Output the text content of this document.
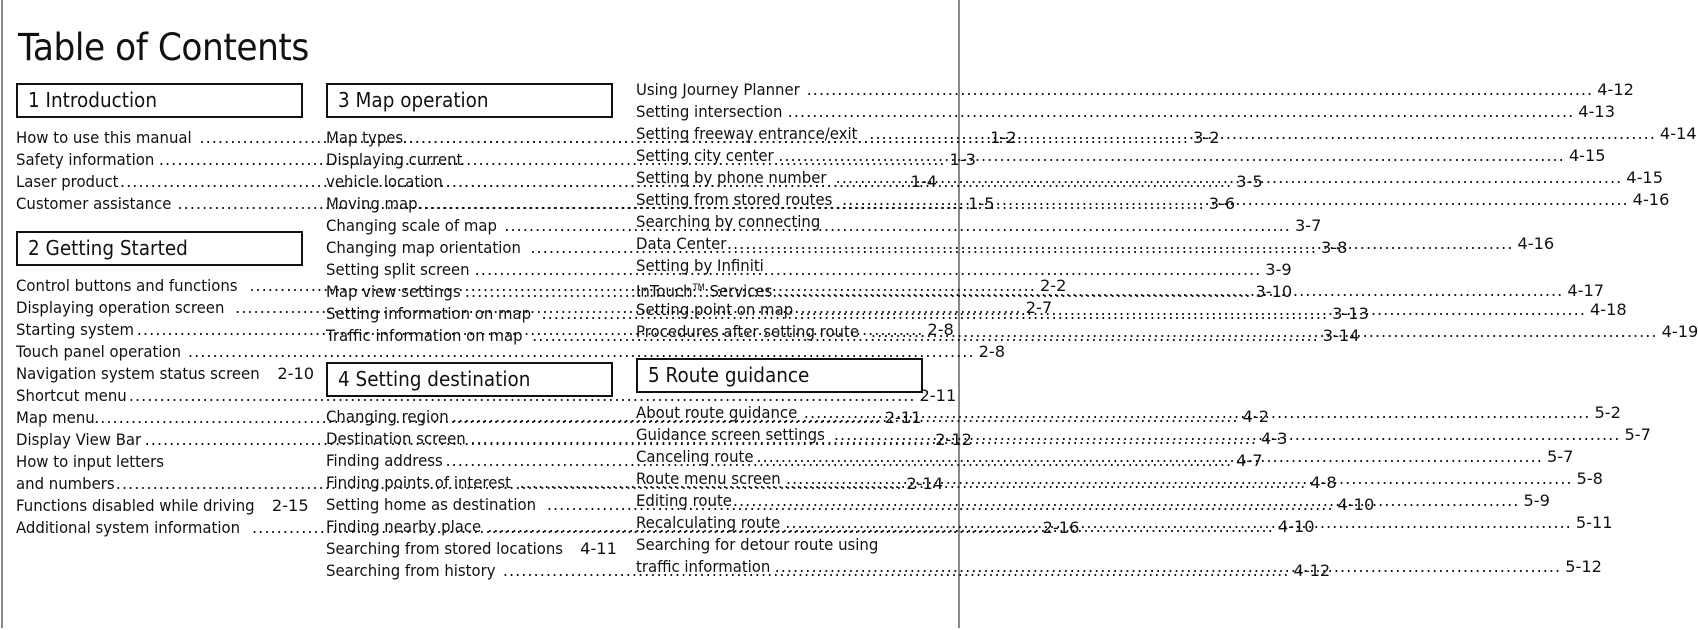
Table of Contents
1 Introduction
How to use this manual .....	1-2
Safety information .....	1-3
Laser product .....	1-4
Customer assistance .....	1-5
2 Getting Started
Control buttons and functions .....	2-2
Displaying operation screen .....	2-7
Starting system .....	2-8
Touch panel operation .....	2-8
Navigation system status screen 2-10
Shortcut menu .....	2-11
Map menu .....	2-11
Display View Bar .....	2-12
How to input letters
and numbers .....	2-14
Functions disabled while driving 2-15
Additional system information .....	2-16
3 Map operation
Map types .....	3-2
Displaying current
vehicle location .....	3-5
Moving map .....	3-6
Changing scale of map .....	3-7
Changing map orientation .....	3-8
Setting split screen .....	3-9
Map view settings .....	3-10
Setting information on map .....	3-13
Traffic information on map .....	3-14
4 Setting destination
Changing region .....	4-2
Destination screen .....	4-3
Finding address .....	4-7
Finding points of interest .....	4-8
Setting home as destination .....	4-10
Finding nearby place .....	4-10
Searching from stored locations 4-11
Searching from history .....	4-12
Using Journey Planner .....	4-12
Setting intersection .....	4-13
Setting freeway entrance/exit .....	4-14
Setting city center .....	4-15
Setting by phone number .....	4-15
Setting from stored routes .....	4-16
Searching by connecting
Data Center .....	4-16
Setting by Infiniti
InTouch™ Services .....	4-17
Setting point on map .....	4-18
Procedures after setting route .....	4-19
5 Route guidance
About route guidance .....	5-2
Guidance screen settings .....	5-7
Canceling route .....	5-7
Route menu screen .....	5-8
Editing route .....	5-9
Recalculating route .....	5-11
Searching for detour route using
traffic information .....	5-12
